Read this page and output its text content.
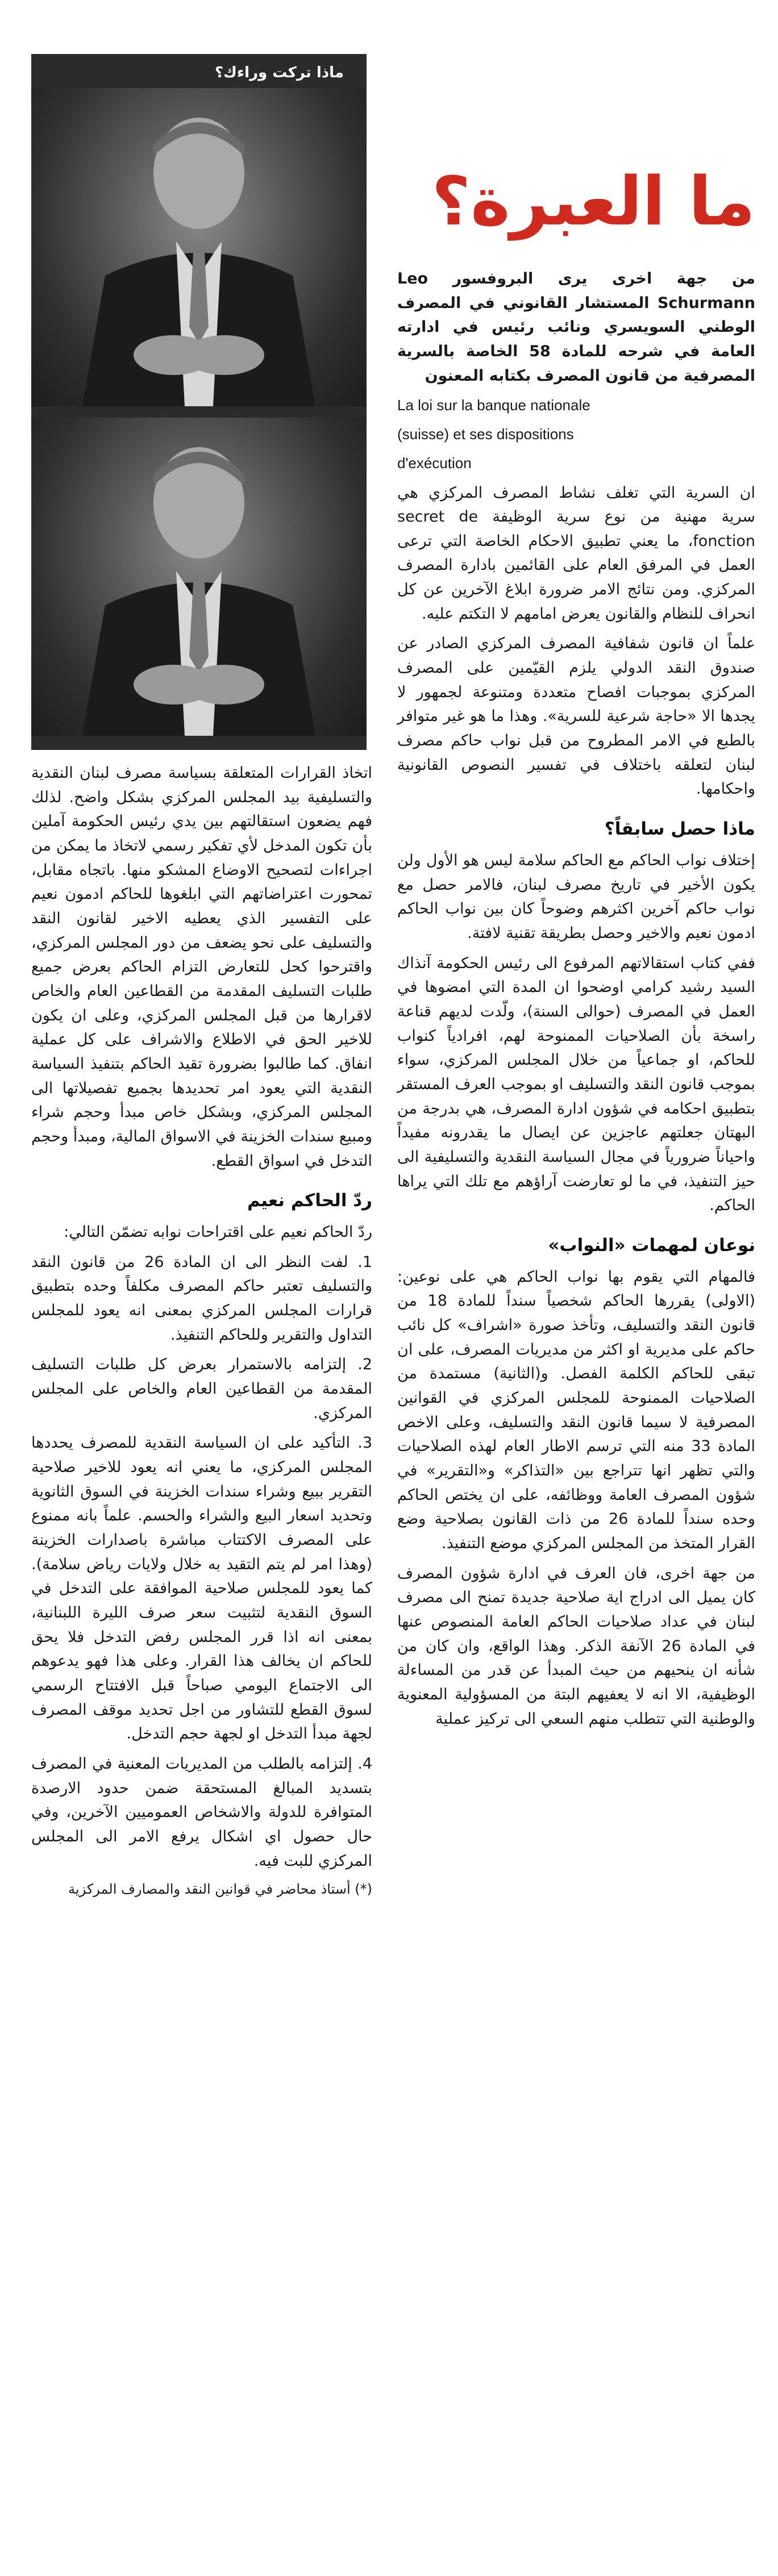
ماذا تركت وراءك؟
ما العبرة؟

من جهة اخرى يرى البروفسور Leo Schurmann المستشار القانوني في المصرف الوطني السويسري ونائب رئيس في ادارته العامة في شرحه للمادة 58 الخاصة بالسرية المصرفية من قانون المصرف بكتابه المعنون

La loi sur la banque nationale

(suisse) et ses dispositions

d'exécution

ان السرية التي تغلف نشاط المصرف المركزي هي سرية مهنية من نوع سرية الوظيفة secret de fonction، ما يعني تطبيق الاحكام الخاصة التي ترعى العمل في المرفق العام على القائمين بادارة المصرف المركزي. ومن نتائج الامر ضرورة ابلاغ الآخرين عن كل انحراف للنظام والقانون يعرض امامهم لا التكتم عليه.

علماً ان قانون شفافية المصرف المركزي الصادر عن صندوق النقد الدولي يلزم القيّمين على المصرف المركزي بموجبات افصاح متعددة ومتنوعة لجمهور لا يجدها الا «حاجة شرعية للسرية». وهذا ما هو غير متوافر بالطبع في الامر المطروح من قبل نواب حاكم مصرف لبنان لتعلقه باختلاف في تفسير النصوص القانونية واحكامها.

ماذا حصل سابقاً؟

إختلاف نواب الحاكم مع الحاكم سلامة ليس هو الأول ولن يكون الأخير في تاريخ مصرف لبنان، فالامر حصل مع نواب حاكم آخرين اكثرهم وضوحاً كان بين نواب الحاكم ادمون نعيم والاخير وحصل بطريقة تقنية لافتة.

ففي كتاب استقالاتهم المرفوع الى رئيس الحكومة آنذاك السيد رشيد كرامي اوضحوا ان المدة التي امضوها في العمل في المصرف (حوالى السنة)، ولّدت لديهم قناعة راسخة بأن الصلاحيات الممنوحة لهم، افرادياً كنواب للحاكم، او جماعياً من خلال المجلس المركزي، سواء بموجب قانون النقد والتسليف او بموجب العرف المستقر بتطبيق احكامه في شؤون ادارة المصرف، هي بدرجة من البهتان جعلتهم عاجزين عن ايصال ما يقدرونه مفيداً واحياناً ضرورياً في مجال السياسة النقدية والتسليفية الى حيز التنفيذ، في ما لو تعارضت آراؤهم مع تلك التي يراها الحاكم.

نوعان لمهمات «النواب»

فالمهام التي يقوم بها نواب الحاكم هي على نوعين: (الاولى) يقررها الحاكم شخصياً سنداً للمادة 18 من قانون النقد والتسليف، وتأخذ صورة «اشراف» كل نائب حاكم على مديرية او اكثر من مديريات المصرف، على ان تبقى للحاكم الكلمة الفصل. و(الثانية) مستمدة من الصلاحيات الممنوحة للمجلس المركزي في القوانين المصرفية لا سيما قانون النقد والتسليف، وعلى الاخص المادة 33 منه التي ترسم الاطار العام لهذه الصلاحيات والتي تظهر انها تتراجع بين «التذاكر» و«التقرير» في شؤون المصرف العامة ووظائفه، على ان يختص الحاكم وحده سنداً للمادة 26 من ذات القانون بصلاحية وضع القرار المتخذ من المجلس المركزي موضع التنفيذ.

من جهة اخرى، فان العرف في ادارة شؤون المصرف كان يميل الى ادراج اية صلاحية جديدة تمنح الى مصرف لبنان في عداد صلاحيات الحاكم العامة المنصوص عنها في المادة 26 الآنفة الذكر. وهذا الواقع، وان كان من شأنه ان ينحيهم من حيث المبدأ عن قدر من المساءلة الوظيفية، الا انه لا يعفيهم البتة من المسؤولية المعنوية والوطنية التي تتطلب منهم السعي الى تركيز عملية

اتخاذ القرارات المتعلقة بسياسة مصرف لبنان النقدية والتسليفية بيد المجلس المركزي بشكل واضح. لذلك فهم يضعون استقالتهم بين يدي رئيس الحكومة آملين بأن تكون المدخل لأي تفكير رسمي لاتخاذ ما يمكن من اجراءات لتصحيح الاوضاع المشكو منها. باتجاه مقابل، تمحورت اعتراضاتهم التي ابلغوها للحاكم ادمون نعيم على التفسير الذي يعطيه الاخير لقانون النقد والتسليف على نحو يضعف من دور المجلس المركزي، واقترحوا كحل للتعارض التزام الحاكم بعرض جميع طلبات التسليف المقدمة من القطاعين العام والخاص لاقرارها من قبل المجلس المركزي، وعلى ان يكون للاخير الحق في الاطلاع والاشراف على كل عملية انفاق. كما طالبوا بضرورة تقيد الحاكم بتنفيذ السياسة النقدية التي يعود امر تحديدها بجميع تفصيلاتها الى المجلس المركزي، وبشكل خاص مبدأ وحجم شراء ومبيع سندات الخزينة في الاسواق المالية، ومبدأ وحجم التدخل في اسواق القطع.

ردّ الحاكم نعيم

ردّ الحاكم نعيم على اقتراحات نوابه تضمّن التالي:

1. لفت النظر الى ان المادة 26 من قانون النقد والتسليف تعتبر حاكم المصرف مكلفاً وحده بتطبيق قرارات المجلس المركزي بمعنى انه يعود للمجلس التداول والتقرير وللحاكم التنفيذ.

2. إلتزامه بالاستمرار بعرض كل طلبات التسليف المقدمة من القطاعين العام والخاص على المجلس المركزي.

3. التأكيد على ان السياسة النقدية للمصرف يحددها المجلس المركزي، ما يعني انه يعود للاخير صلاحية التقرير ببيع وشراء سندات الخزينة في السوق الثانوية وتحديد اسعار البيع والشراء والحسم. علماً بانه ممنوع على المصرف الاكتتاب مباشرة باصدارات الخزينة (وهذا امر لم يتم التقيد به خلال ولايات رياض سلامة). كما يعود للمجلس صلاحية الموافقة على التدخل في السوق النقدية لتثبيت سعر صرف الليرة اللبنانية، بمعنى انه اذا قرر المجلس رفض التدخل فلا يحق للحاكم ان يخالف هذا القرار. وعلى هذا فهو يدعوهم الى الاجتماع اليومي صباحاً قبل الافتتاح الرسمي لسوق القطع للتشاور من اجل تحديد موقف المصرف لجهة مبدأ التدخل او لجهة حجم التدخل.

4. إلتزامه بالطلب من المديريات المعنية في المصرف بتسديد المبالغ المستحقة ضمن حدود الارصدة المتوافرة للدولة والاشخاص العموميين الآخرين، وفي حال حصول اي اشكال يرفع الامر الى المجلس المركزي للبت فيه.

(*) أستاذ محاضر في قوانين النقد والمصارف المركزية
